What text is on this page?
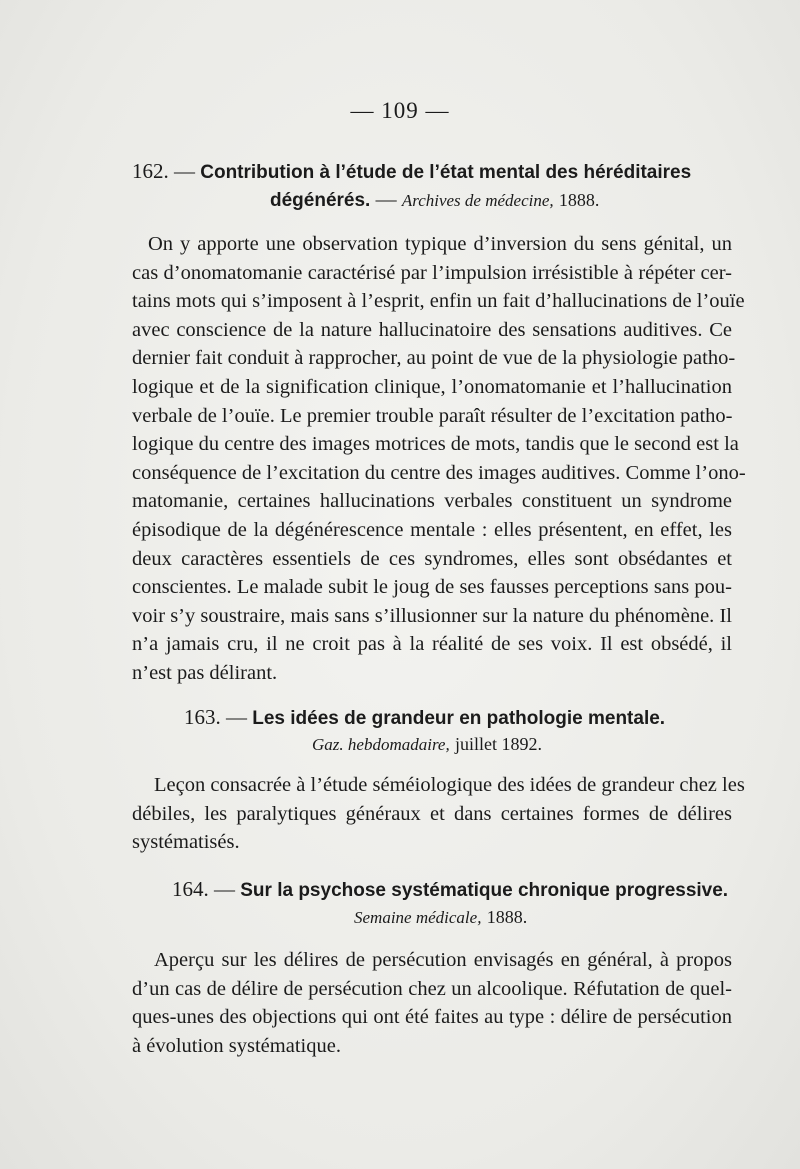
— 109 —
162. — Contribution à l’étude de l’état mental des héréditaires
dégénérés. — Archives de médecine, 1888.
On y apporte une observation typique d’inversion du sens génital, un
cas d’onomatomanie caractérisé par l’impulsion irrésistible à répéter cer-
tains mots qui s’imposent à l’esprit, enfin un fait d’hallucinations de l’ouïe
avec conscience de la nature hallucinatoire des sensations auditives. Ce
dernier fait conduit à rapprocher, au point de vue de la physiologie patho-
logique et de la signification clinique, l’onomatomanie et l’hallucination
verbale de l’ouïe. Le premier trouble paraît résulter de l’excitation patho-
logique du centre des images motrices de mots, tandis que le second est la
conséquence de l’excitation du centre des images auditives. Comme l’ono-
matomanie, certaines hallucinations verbales constituent un syndrome
épisodique de la dégénérescence mentale : elles présentent, en effet, les
deux caractères essentiels de ces syndromes, elles sont obsédantes et
conscientes. Le malade subit le joug de ses fausses perceptions sans pou-
voir s’y soustraire, mais sans s’illusionner sur la nature du phénomène. Il
n’a jamais cru, il ne croit pas à la réalité de ses voix. Il est obsédé, il
n’est pas délirant.
163. — Les idées de grandeur en pathologie mentale.
Gaz. hebdomadaire, juillet 1892.
Leçon consacrée à l’étude séméiologique des idées de grandeur chez les
débiles, les paralytiques généraux et dans certaines formes de délires
systématisés.
164. — Sur la psychose systématique chronique progressive.
Semaine médicale, 1888.
Aperçu sur les délires de persécution envisagés en général, à propos
d’un cas de délire de persécution chez un alcoolique. Réfutation de quel-
ques-unes des objections qui ont été faites au type : délire de persécution
à évolution systématique.
